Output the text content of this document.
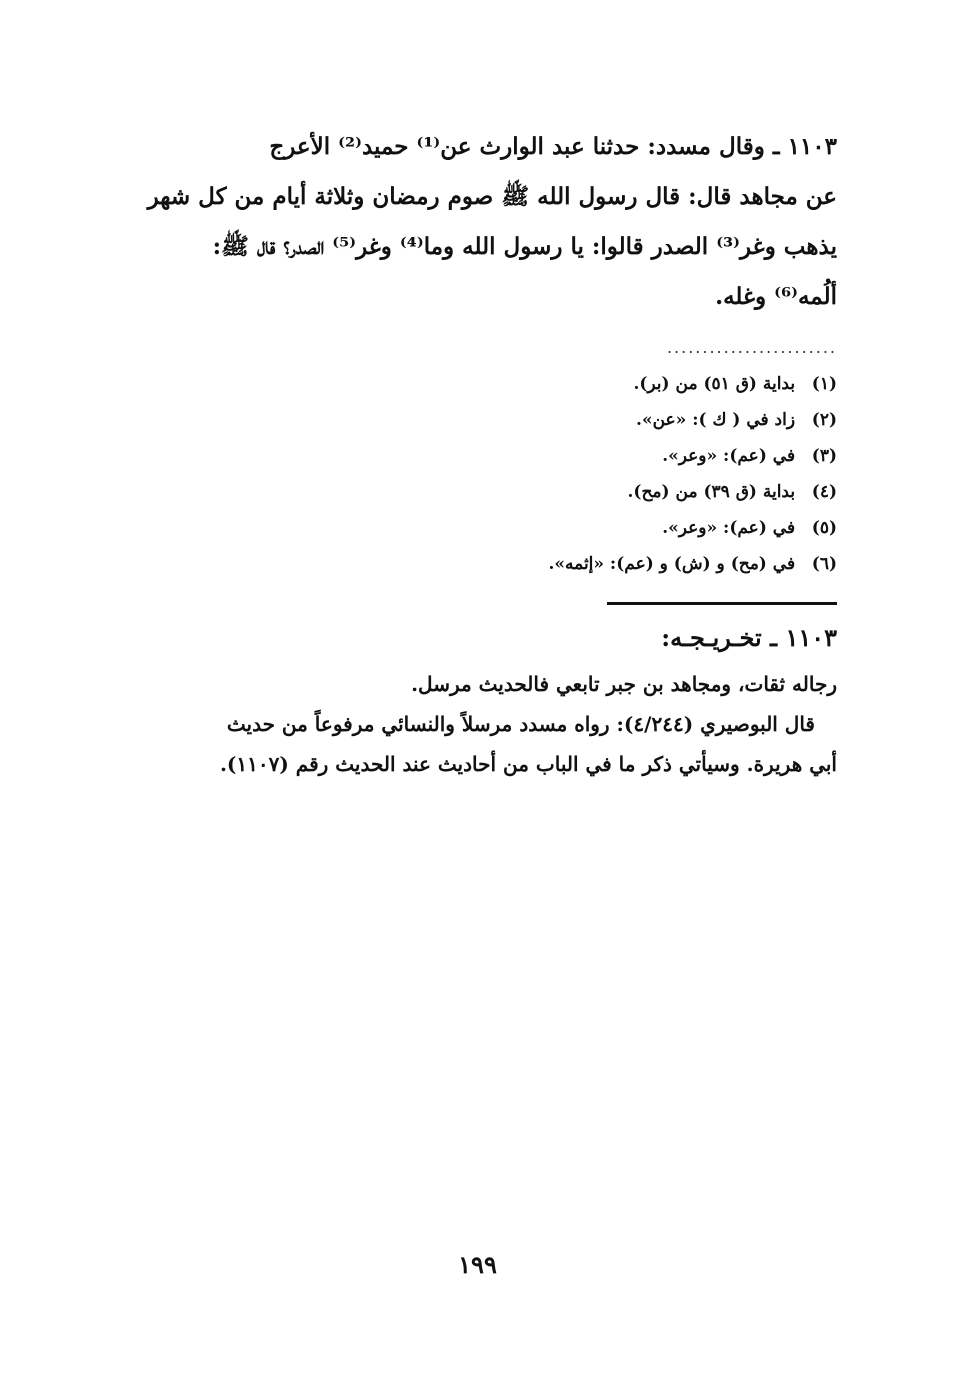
١١٠٣ ـ وقال مسدد: حدثنا عبد الوارث عن⁽¹⁾ حميد⁽²⁾ الأعرج
عن مجاهد قال: قال رسول الله ﷺ صوم رمضان وثلاثة أيام من كل شهر
يذهب وغر⁽³⁾ الصدر قالوا: يا رسول الله وما⁽⁴⁾ وغر⁽⁵⁾ الصدر؟ قال ﷺ:
ألُمه⁽⁶⁾ وغله.
........................
(١) بداية (ق ٥١) من (بر).
(٢) زاد في ( ك ): «عن».
(٣) في (عم): «وعر».
(٤) بداية (ق ٣٩) من (مح).
(٥) في (عم): «وعر».
(٦) في (مح) و (ش) و (عم): «إثمه».
١١٠٣ ـ تخـريـجـه:
رجاله ثقات، ومجاهد بن جبر تابعي فالحديث مرسل.
قال البوصيري (٤/٢٤٤): رواه مسدد مرسلاً والنسائي مرفوعاً من حديث
أبي هريرة. وسيأتي ذكر ما في الباب من أحاديث عند الحديث رقم (١١٠٧).
١٩٩
